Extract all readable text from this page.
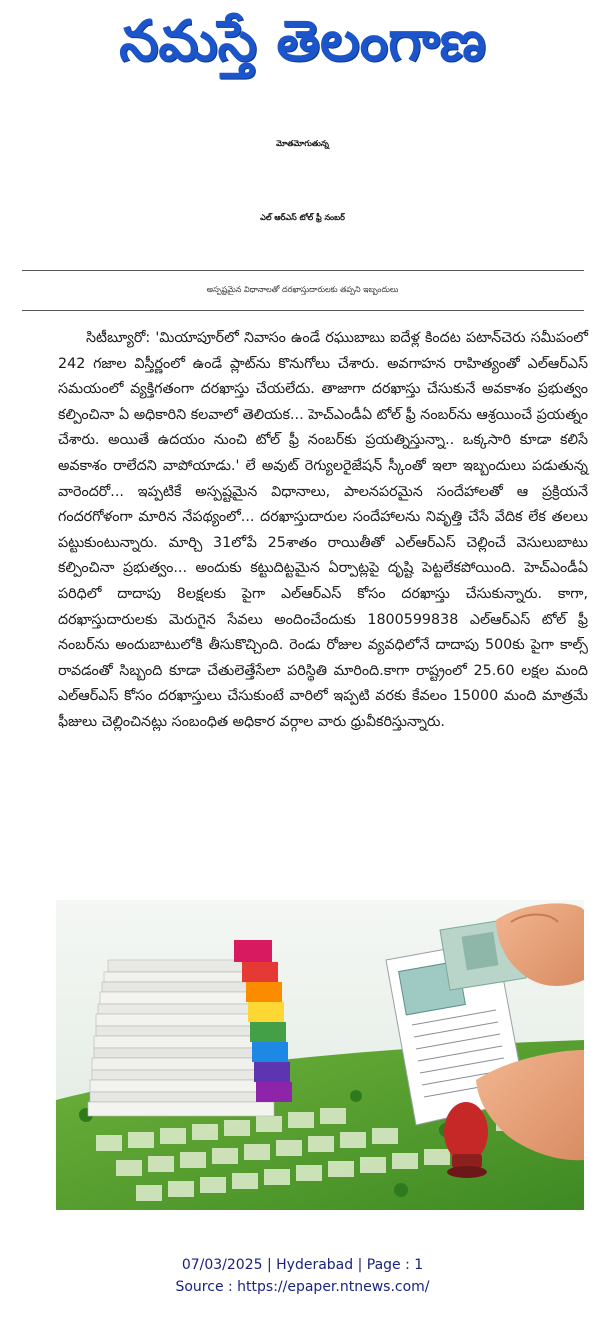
నమస్తే తెలంగాణ
మోతమోగుతున్న
ఎల్ ఆర్ఎస్ టోల్ ఫ్రీ నంబర్
అస్పష్టమైన విధానాలతో దరఖాస్తుదారులకు తప్పని ఇబ్బందులు

సిటీబ్యూరో: 'మియాపూర్‌లో నివాసం ఉండే రఘుబాబు ఐదేళ్ల కిందట పటాన్‌చెరు సమీపంలో 242 గజాల విస్తీర్ణంలో ఉండే ప్లాట్‌ను కొనుగోలు చేశారు. అవగాహన రాహిత్యంతో ఎల్‌ఆర్‌ఎస్ సమయంలో వ్యక్తిగతంగా దరఖాస్తు చేయలేదు. తాజాగా దరఖాస్తు చేసుకునే అవకాశం ప్రభుత్వం కల్పించినా ఏ అధికారిని కలవాలో తెలియక... హెచ్‌ఎండీఏ టోల్ ఫ్రీ నంబర్‌ను ఆశ్రయించే ప్రయత్నం చేశారు. అయితే ఉదయం నుంచి టోల్ ఫ్రీ నంబర్‌కు ప్రయత్నిస్తున్నా.. ఒక్కసారి కూడా కలిసే అవకాశం రాలేదని వాపోయాడు.' లే అవుట్ రెగ్యులరైజేషన్ స్కీంతో ఇలా ఇబ్బందులు పడుతున్న వారెందరో... ఇప్పటికే అస్పష్టమైన విధానాలు, పాలనపరమైన సందేహాలతో ఆ ప్రక్రియనే గందరగోళంగా మారిన నేపథ్యంలో... దరఖాస్తుదారుల సందేహాలను నివృత్తి చేసే వేదిక లేక తలలు పట్టుకుంటున్నారు. మార్చి 31లోపే 25శాతం రాయితీతో ఎల్‌ఆర్‌ఎస్ చెల్లించే వెసులుబాటు కల్పించినా ప్రభుత్వం... అందుకు కట్టుదిట్టమైన ఏర్పాట్లపై దృష్టి పెట్టలేకపోయింది. హెచ్‌ఎండీఏ పరిధిలో దాదాపు 8లక్షలకు పైగా ఎల్‌ఆర్‌ఎస్ కోసం దరఖాస్తు చేసుకున్నారు. కాగా, దరఖాస్తుదారులకు మెరుగైన సేవలు అందించేందుకు 1800599838 ఎల్‌ఆర్‌ఎస్ టోల్ ఫ్రీ నంబర్‌ను అందుబాటులోకి తీసుకొచ్చింది. రెండు రోజుల వ్యవధిలోనే దాదాపు 500కు పైగా కాల్స్ రావడంతో సిబ్బంది కూడా చేతులెత్తేసేలా పరిస్థితి మారింది.కాగా రాష్ట్రంలో 25.60 లక్షల మంది ఎల్‌ఆర్‌ఎస్ కోసం దరఖాస్తులు చేసుకుంటే వారిలో ఇప్పటి వరకు కేవలం 15000 మంది మాత్రమే ఫీజులు చెల్లించినట్లు సంబంధిత అధికార వర్గాల వారు ధ్రువీకరిస్తున్నారు.

07/03/2025 | Hyderabad | Page : 1
Source : https://epaper.ntnews.com/
